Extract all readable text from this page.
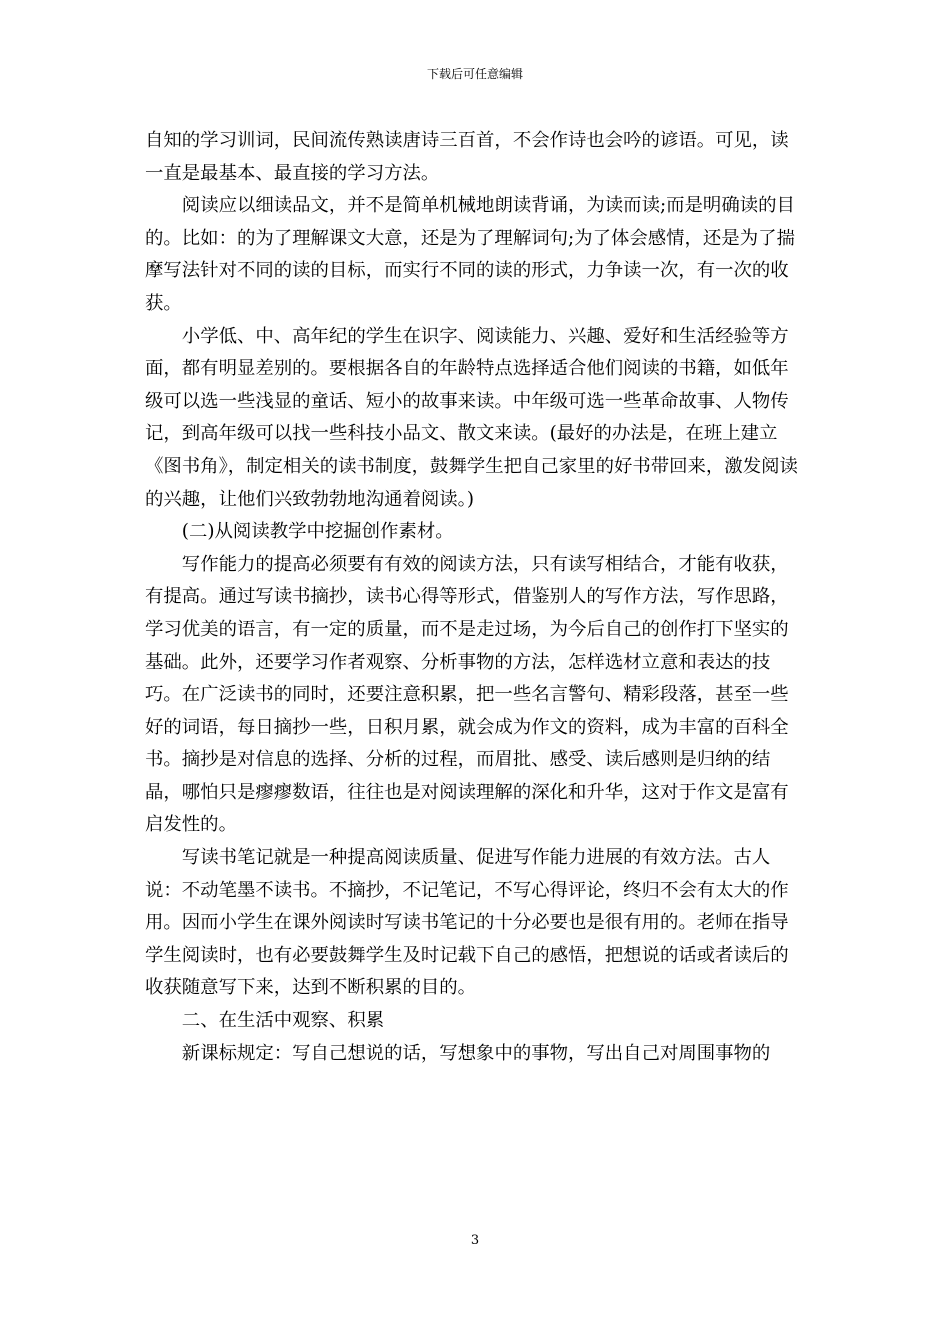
下载后可任意编辑

自知的学习训词，民间流传熟读唐诗三百首，不会作诗也会吟的谚语。可见，读一直是最基本、最直接的学习方法。

阅读应以细读品文，并不是简单机械地朗读背诵，为读而读;而是明确读的目的。比如：的为了理解课文大意，还是为了理解词句;为了体会感情，还是为了揣摩写法针对不同的读的目标，而实行不同的读的形式，力争读一次，有一次的收获。

小学低、中、高年纪的学生在识字、阅读能力、兴趣、爱好和生活经验等方面，都有明显差别的。要根据各自的年龄特点选择适合他们阅读的书籍，如低年级可以选一些浅显的童话、短小的故事来读。中年级可选一些革命故事、人物传记，到高年级可以找一些科技小品文、散文来读。(最好的办法是，在班上建立《图书角》，制定相关的读书制度，鼓舞学生把自己家里的好书带回来，激发阅读的兴趣，让他们兴致勃勃地沟通着阅读。)

(二)从阅读教学中挖掘创作素材。

写作能力的提高必须要有有效的阅读方法，只有读写相结合，才能有收获，有提高。通过写读书摘抄，读书心得等形式，借鉴别人的写作方法，写作思路，学习优美的语言，有一定的质量，而不是走过场，为今后自己的创作打下坚实的基础。此外，还要学习作者观察、分析事物的方法，怎样选材立意和表达的技巧。在广泛读书的同时，还要注意积累，把一些名言警句、精彩段落，甚至一些好的词语，每日摘抄一些，日积月累，就会成为作文的资料，成为丰富的百科全书。摘抄是对信息的选择、分析的过程，而眉批、感受、读后感则是归纳的结晶，哪怕只是瘳瘳数语，往往也是对阅读理解的深化和升华，这对于作文是富有启发性的。

写读书笔记就是一种提高阅读质量、促进写作能力进展的有效方法。古人说：不动笔墨不读书。不摘抄，不记笔记，不写心得评论，终归不会有太大的作用。因而小学生在课外阅读时写读书笔记的十分必要也是很有用的。老师在指导学生阅读时，也有必要鼓舞学生及时记载下自己的感悟，把想说的话或者读后的收获随意写下来，达到不断积累的目的。

二、在生活中观察、积累

新课标规定：写自己想说的话，写想象中的事物，写出自己对周围事物的

3
